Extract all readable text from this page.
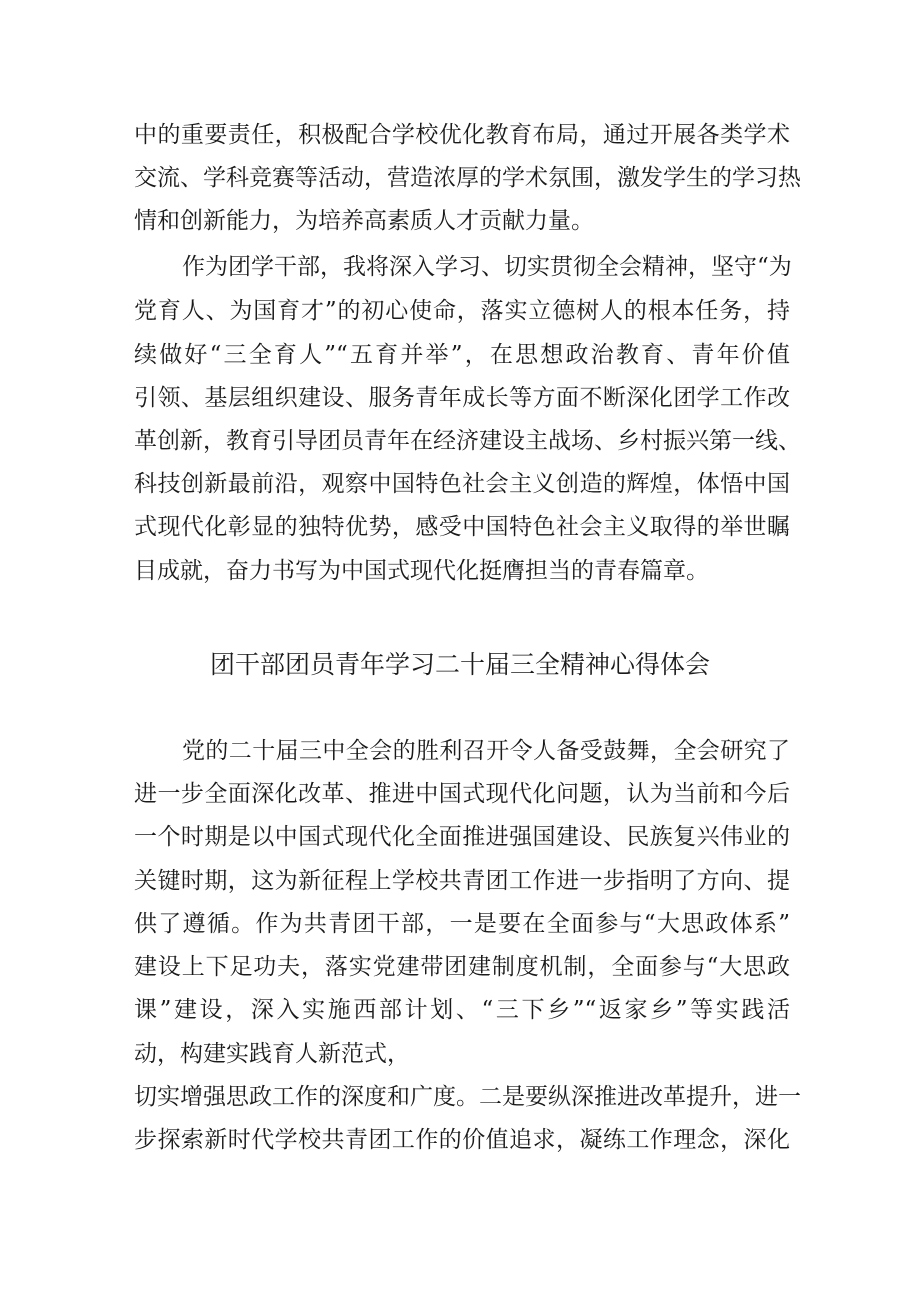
中的重要责任，积极配合学校优化教育布局，通过开展各类学术
交流、学科竞赛等活动，营造浓厚的学术氛围，激发学生的学习热
情和创新能力，为培养高素质人才贡献力量。
作为团学干部，我将深入学习、切实贯彻全会精神，坚守“为
党育人、为国育才”的初心使命，落实立德树人的根本任务，持
续做好“三全育人”“五育并举”，在思想政治教育、青年价值
引领、基层组织建设、服务青年成长等方面不断深化团学工作改
革创新，教育引导团员青年在经济建设主战场、乡村振兴第一线、
科技创新最前沿，观察中国特色社会主义创造的辉煌，体悟中国
式现代化彰显的独特优势，感受中国特色社会主义取得的举世瞩
目成就，奋力书写为中国式现代化挺膺担当的青春篇章。
团干部团员青年学习二十届三全精神心得体会
党的二十届三中全会的胜利召开令人备受鼓舞，全会研究了
进一步全面深化改革、推进中国式现代化问题，认为当前和今后
一个时期是以中国式现代化全面推进强国建设、民族复兴伟业的
关键时期，这为新征程上学校共青团工作进一步指明了方向、提
供了遵循。作为共青团干部，一是要在全面参与“大思政体系”
建设上下足功夫，落实党建带团建制度机制，全面参与“大思政
课”建设，深入实施西部计划、“三下乡”“返家乡”等实践活
动，构建实践育人新范式，
切实增强思政工作的深度和广度。二是要纵深推进改革提升，进一
步探索新时代学校共青团工作的价值追求，凝练工作理念，深化
